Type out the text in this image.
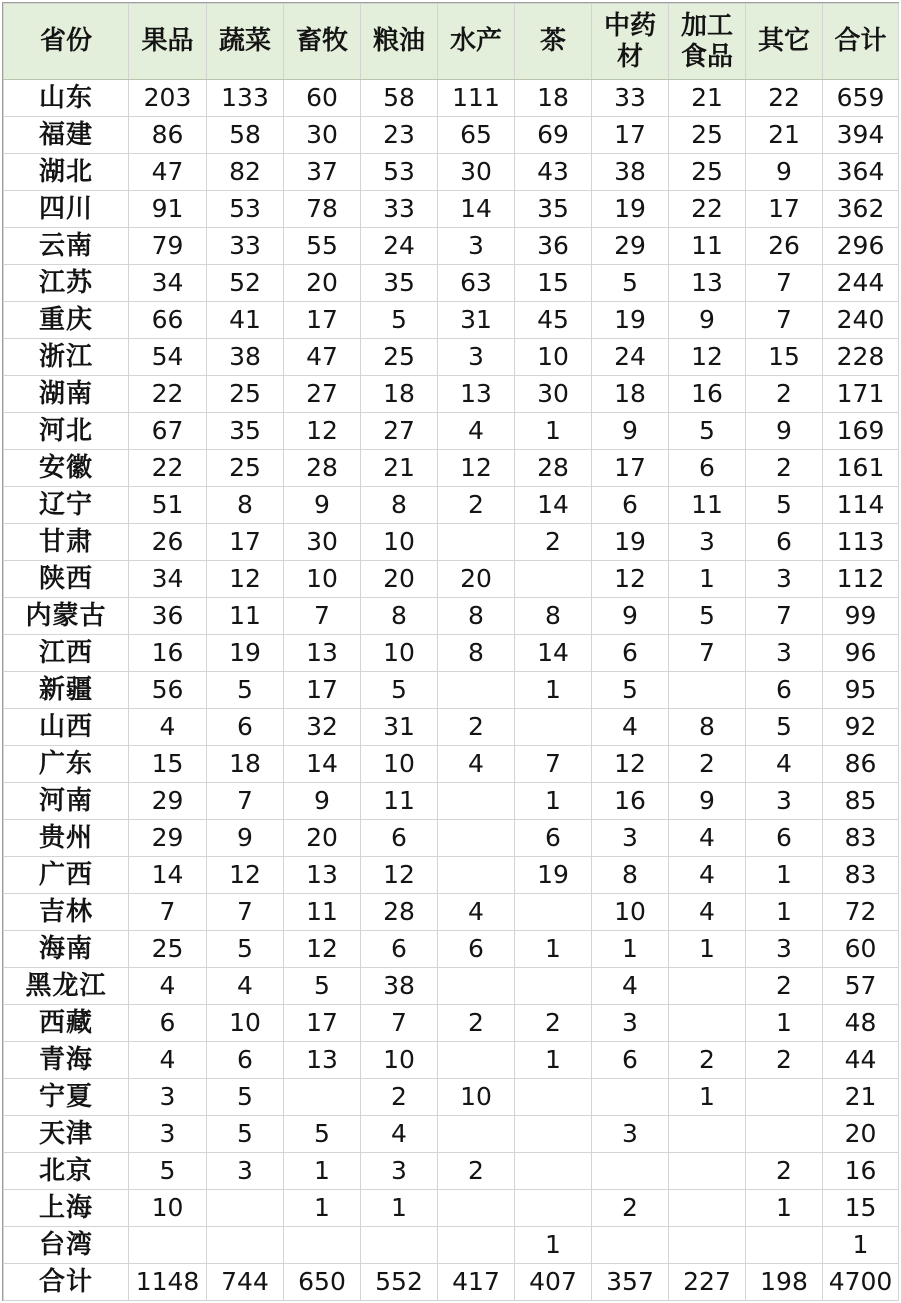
省份	果品	蔬菜	畜牧	粮油	水产	茶	中药材	加工食品	其它	合计
山东	203	133	60	58	111	18	33	21	22	659
福建	86	58	30	23	65	69	17	25	21	394
湖北	47	82	37	53	30	43	38	25	9	364
四川	91	53	78	33	14	35	19	22	17	362
云南	79	33	55	24	3	36	29	11	26	296
江苏	34	52	20	35	63	15	5	13	7	244
重庆	66	41	17	5	31	45	19	9	7	240
浙江	54	38	47	25	3	10	24	12	15	228
湖南	22	25	27	18	13	30	18	16	2	171
河北	67	35	12	27	4	1	9	5	9	169
安徽	22	25	28	21	12	28	17	6	2	161
辽宁	51	8	9	8	2	14	6	11	5	114
甘肃	26	17	30	10		2	19	3	6	113
陕西	34	12	10	20	20		12	1	3	112
内蒙古	36	11	7	8	8	8	9	5	7	99
江西	16	19	13	10	8	14	6	7	3	96
新疆	56	5	17	5		1	5		6	95
山西	4	6	32	31	2		4	8	5	92
广东	15	18	14	10	4	7	12	2	4	86
河南	29	7	9	11		1	16	9	3	85
贵州	29	9	20	6		6	3	4	6	83
广西	14	12	13	12		19	8	4	1	83
吉林	7	7	11	28	4		10	4	1	72
海南	25	5	12	6	6	1	1	1	3	60
黑龙江	4	4	5	38			4		2	57
西藏	6	10	17	7	2	2	3		1	48
青海	4	6	13	10		1	6	2	2	44
宁夏	3	5		2	10			1		21
天津	3	5	5	4			3			20
北京	5	3	1	3	2				2	16
上海	10		1	1			2		1	15
台湾						1				1
合计	1148	744	650	552	417	407	357	227	198	4700
